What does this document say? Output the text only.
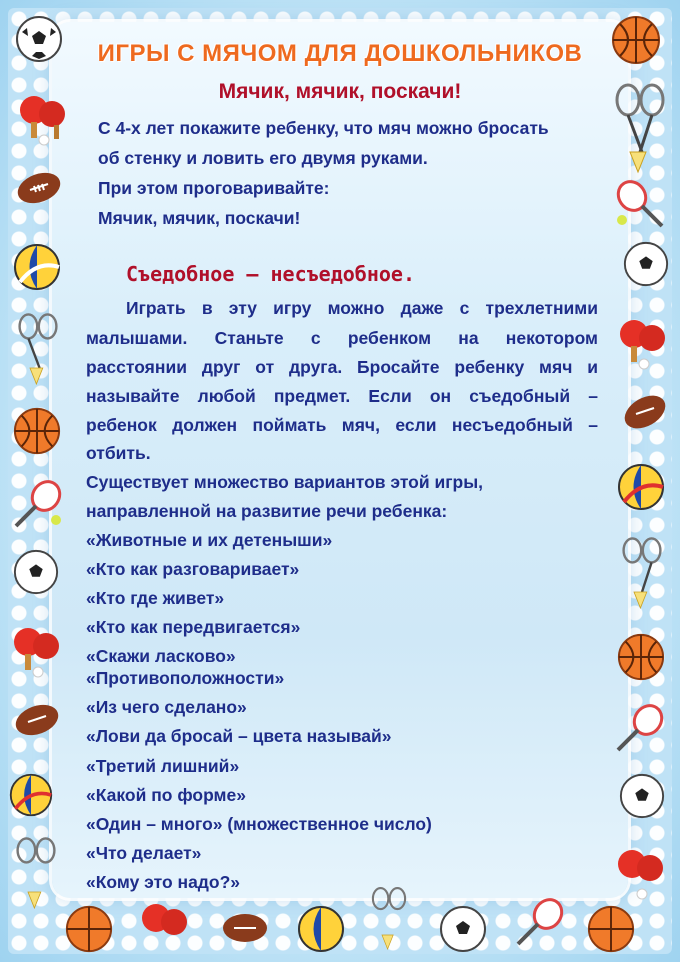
ИГРЫ С МЯЧОМ ДЛЯ ДОШКОЛЬНИКОВ
Мячик, мячик, поскачи!
С 4-х лет покажите ребенку, что мяч можно бросать
об стенку и ловить его двумя руками.
При этом проговаривайте:
Мячик, мячик, поскачи!
Съедобное — несъедобное.
Играть в эту игру можно даже с трехлетними
малышами. Станьте с ребенком на некотором
расстоянии друг от друга. Бросайте ребенку мяч и
называйте любой предмет. Если он съедобный –
ребенок должен поймать мяч, если несъедобный –
отбить.
Существует множество вариантов этой игры,
направленной на развитие речи ребенка:
«Животные и их детеныши»
«Кто как разговаривает»
«Кто где живет»
«Кто как передвигается»
«Скажи ласково»
«Противоположности»
«Из чего сделано»
«Лови да бросай – цвета называй»
«Третий лишний»
«Какой по форме»
«Один – много» (множественное число)
«Что делает»
«Кому это надо?»
